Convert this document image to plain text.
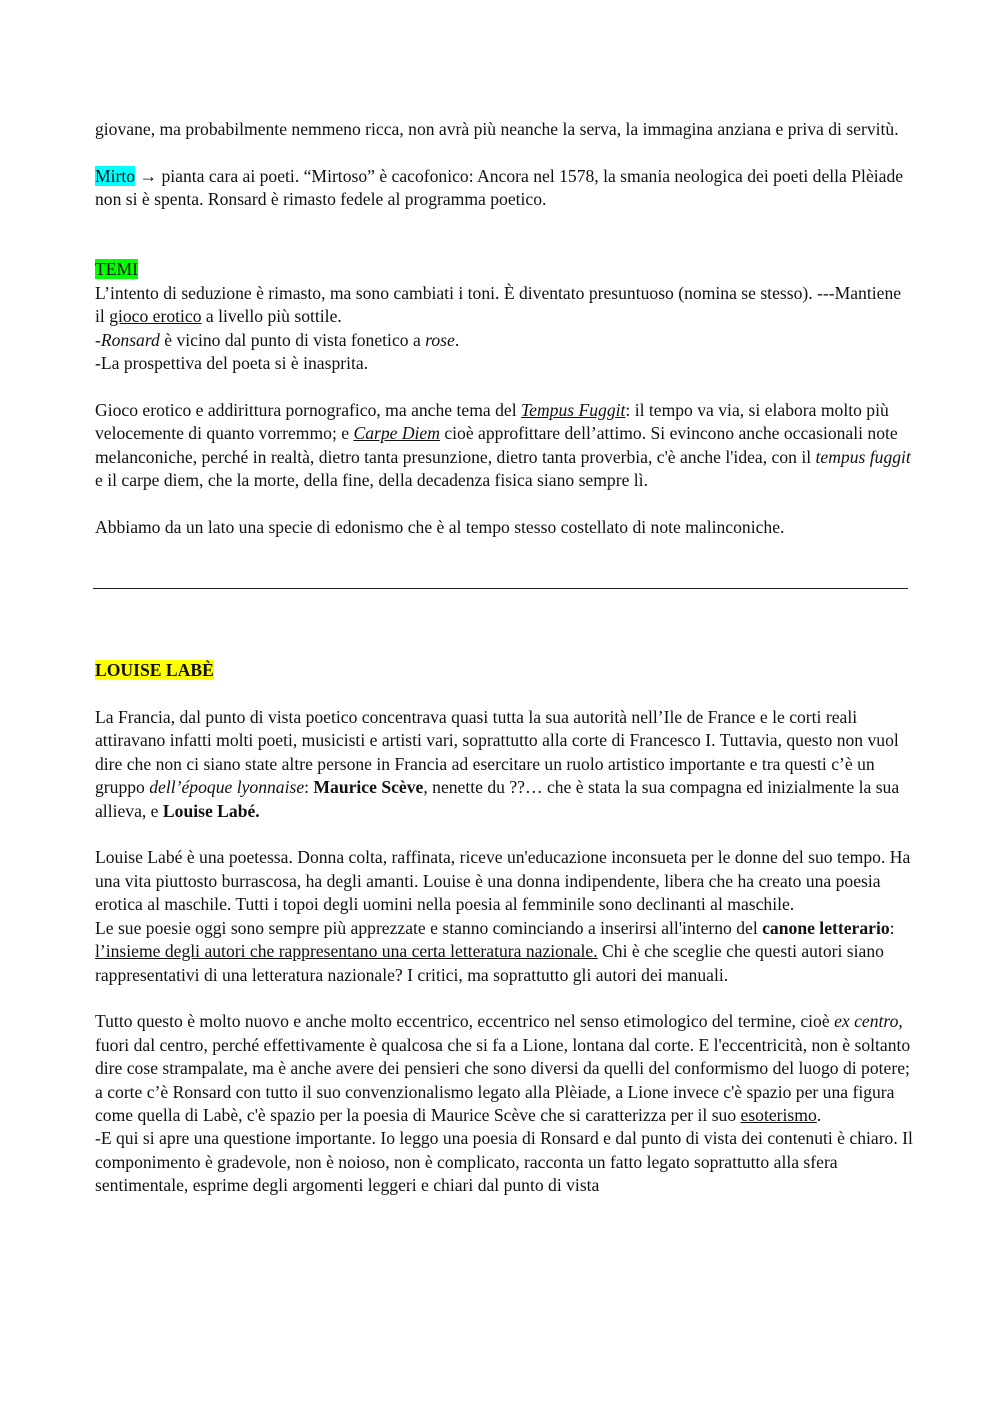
giovane, ma probabilmente nemmeno ricca, non avrà più neanche la serva, la immagina anziana e priva di servitù.

Mirto → pianta cara ai poeti. “Mirtoso” è cacofonico: Ancora nel 1578, la smania neologica dei poeti della Plèiade non si è spenta. Ronsard è rimasto fedele al programma poetico.

TEMI

L’intento di seduzione è rimasto, ma sono cambiati i toni. È diventato presuntuoso (nomina se stesso). ---Mantiene il gioco erotico a livello più sottile.

-Ronsard è vicino dal punto di vista fonetico a rose.

-La prospettiva del poeta si è inasprita.

Gioco erotico e addirittura pornografico, ma anche tema del Tempus Fuggit: il tempo va via, si elabora molto più velocemente di quanto vorremmo; e Carpe Diem cioè approfittare dell’attimo. Si evincono anche occasionali note melanconiche, perché in realtà, dietro tanta presunzione, dietro tanta proverbia, c'è anche l'idea, con il tempus fuggit e il carpe diem, che la morte, della fine, della decadenza fisica siano sempre lì.

Abbiamo da un lato una specie di edonismo che è al tempo stesso costellato di note malinconiche.

LOUISE LABÈ

La Francia, dal punto di vista poetico concentrava quasi tutta la sua autorità nell’Ile de France e le corti reali attiravano infatti molti poeti, musicisti e artisti vari, soprattutto alla corte di Francesco I. Tuttavia, questo non vuol dire che non ci siano state altre persone in Francia ad esercitare un ruolo artistico importante e tra questi c’è un gruppo dell’époque lyonnaise: Maurice Scève, nenette du ??… che è stata la sua compagna ed inizialmente la sua allieva, e Louise Labé.

Louise Labé è una poetessa. Donna colta, raffinata, riceve un'educazione inconsueta per le donne del suo tempo. Ha una vita piuttosto burrascosa, ha degli amanti. Louise è una donna indipendente, libera che ha creato una poesia erotica al maschile. Tutti i topoi degli uomini nella poesia al femminile sono declinanti al maschile.

Le sue poesie oggi sono sempre più apprezzate e stanno cominciando a inserirsi all'interno del canone letterario: l’insieme degli autori che rappresentano una certa letteratura nazionale. Chi è che sceglie che questi autori siano rappresentativi di una letteratura nazionale? I critici, ma soprattutto gli autori dei manuali.

Tutto questo è molto nuovo e anche molto eccentrico, eccentrico nel senso etimologico del termine, cioè ex centro, fuori dal centro, perché effettivamente è qualcosa che si fa a Lione, lontana dal corte. E l'eccentricità, non è soltanto dire cose strampalate, ma è anche avere dei pensieri che sono diversi da quelli del conformismo del luogo di potere; a corte c’è Ronsard con tutto il suo convenzionalismo legato alla Plèiade, a Lione invece c'è spazio per una figura come quella di Labè, c'è spazio per la poesia di Maurice Scève che si caratterizza per il suo esoterismo.

-E qui si apre una questione importante. Io leggo una poesia di Ronsard e dal punto di vista dei contenuti è chiaro. Il componimento è gradevole, non è noioso, non è complicato, racconta un fatto legato soprattutto alla sfera sentimentale, esprime degli argomenti leggeri e chiari dal punto di vista
